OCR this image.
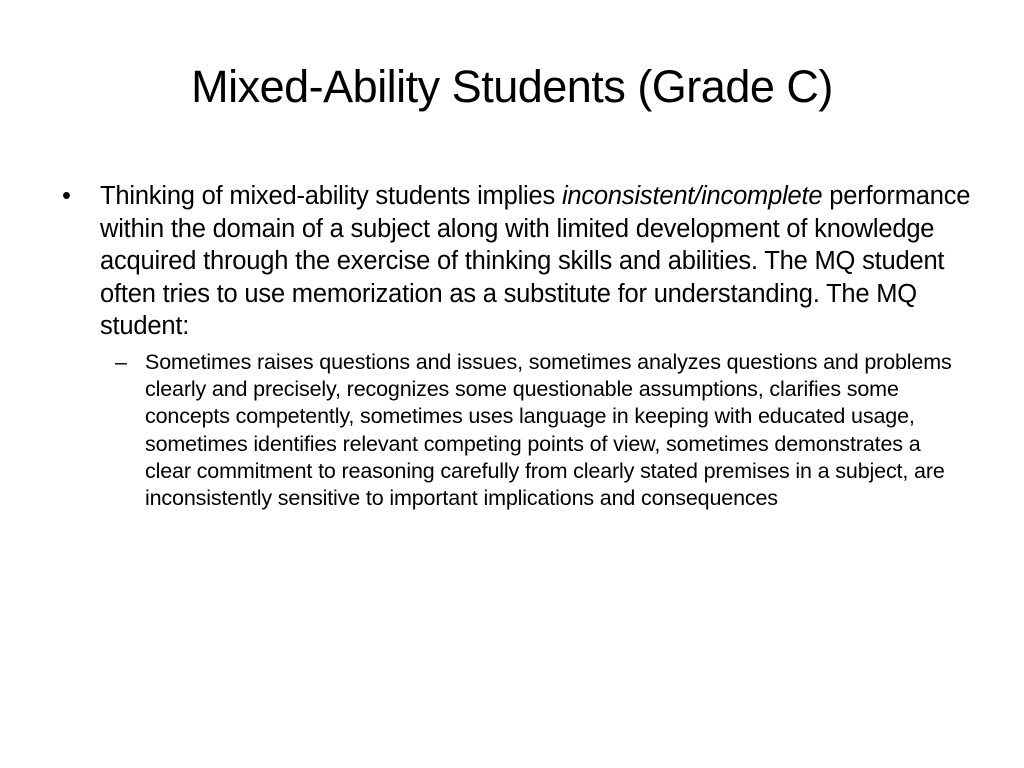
Mixed-Ability Students (Grade C)
• Thinking of mixed-ability students implies inconsistent/incomplete performance within the domain of a subject along with limited development of knowledge acquired through the exercise of thinking skills and abilities. The MQ student often tries to use memorization as a substitute for understanding. The MQ student:
– Sometimes raises questions and issues, sometimes analyzes questions and problems clearly and precisely, recognizes some questionable assumptions, clarifies some concepts competently, sometimes uses language in keeping with educated usage, sometimes identifies relevant competing points of view, sometimes demonstrates a clear commitment to reasoning carefully from clearly stated premises in a subject, are inconsistently sensitive to important implications and consequences
